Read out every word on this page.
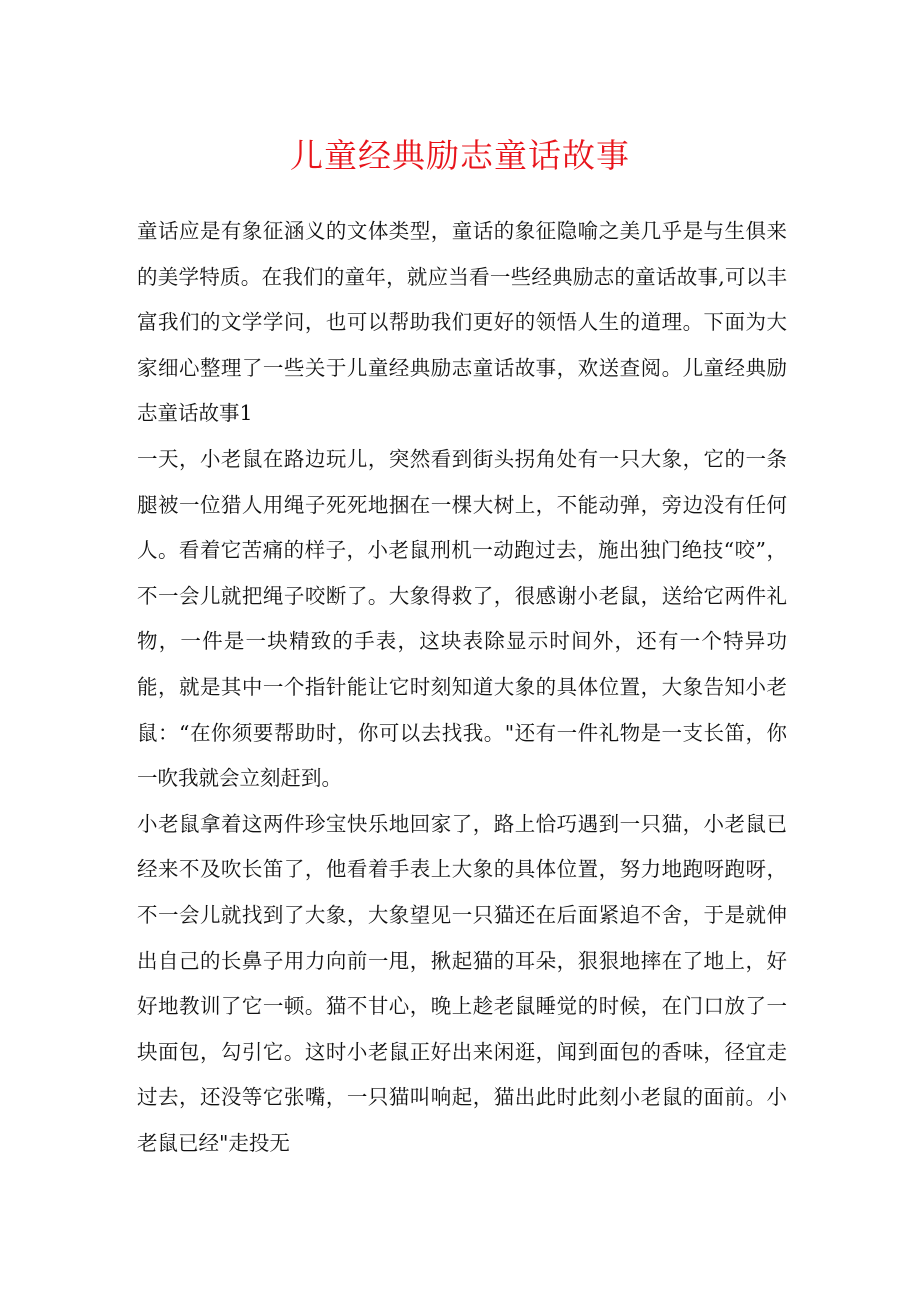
儿童经典励志童话故事

童话应是有象征涵义的文体类型，童话的象征隐喻之美几乎是与生俱来的美学特质。在我们的童年，就应当看一些经典励志的童话故事,可以丰富我们的文学学问，也可以帮助我们更好的领悟人生的道理。下面为大家细心整理了一些关于儿童经典励志童话故事，欢送查阅。儿童经典励志童话故事1

一天，小老鼠在路边玩儿，突然看到街头拐角处有一只大象，它的一条腿被一位猎人用绳子死死地捆在一棵大树上，不能动弹，旁边没有任何人。看着它苦痛的样子，小老鼠刑机一动跑过去，施出独门绝技“咬”，不一会儿就把绳子咬断了。大象得救了，很感谢小老鼠，送给它两件礼物，一件是一块精致的手表，这块表除显示时间外，还有一个特异功能，就是其中一个指针能让它时刻知道大象的具体位置，大象告知小老鼠：“在你须要帮助时，你可以去找我。"还有一件礼物是一支长笛，你一吹我就会立刻赶到。

小老鼠拿着这两件珍宝快乐地回家了，路上恰巧遇到一只猫，小老鼠已经来不及吹长笛了，他看着手表上大象的具体位置，努力地跑呀跑呀，不一会儿就找到了大象，大象望见一只猫还在后面紧追不舍，于是就伸出自己的长鼻子用力向前一甩，揪起猫的耳朵，狠狠地摔在了地上，好好地教训了它一顿。猫不甘心，晚上趁老鼠睡觉的时候，在门口放了一块面包，勾引它。这时小老鼠正好出来闲逛，闻到面包的香味，径宜走过去，还没等它张嘴，一只猫叫响起，猫出此时此刻小老鼠的面前。小老鼠已经"走投无
